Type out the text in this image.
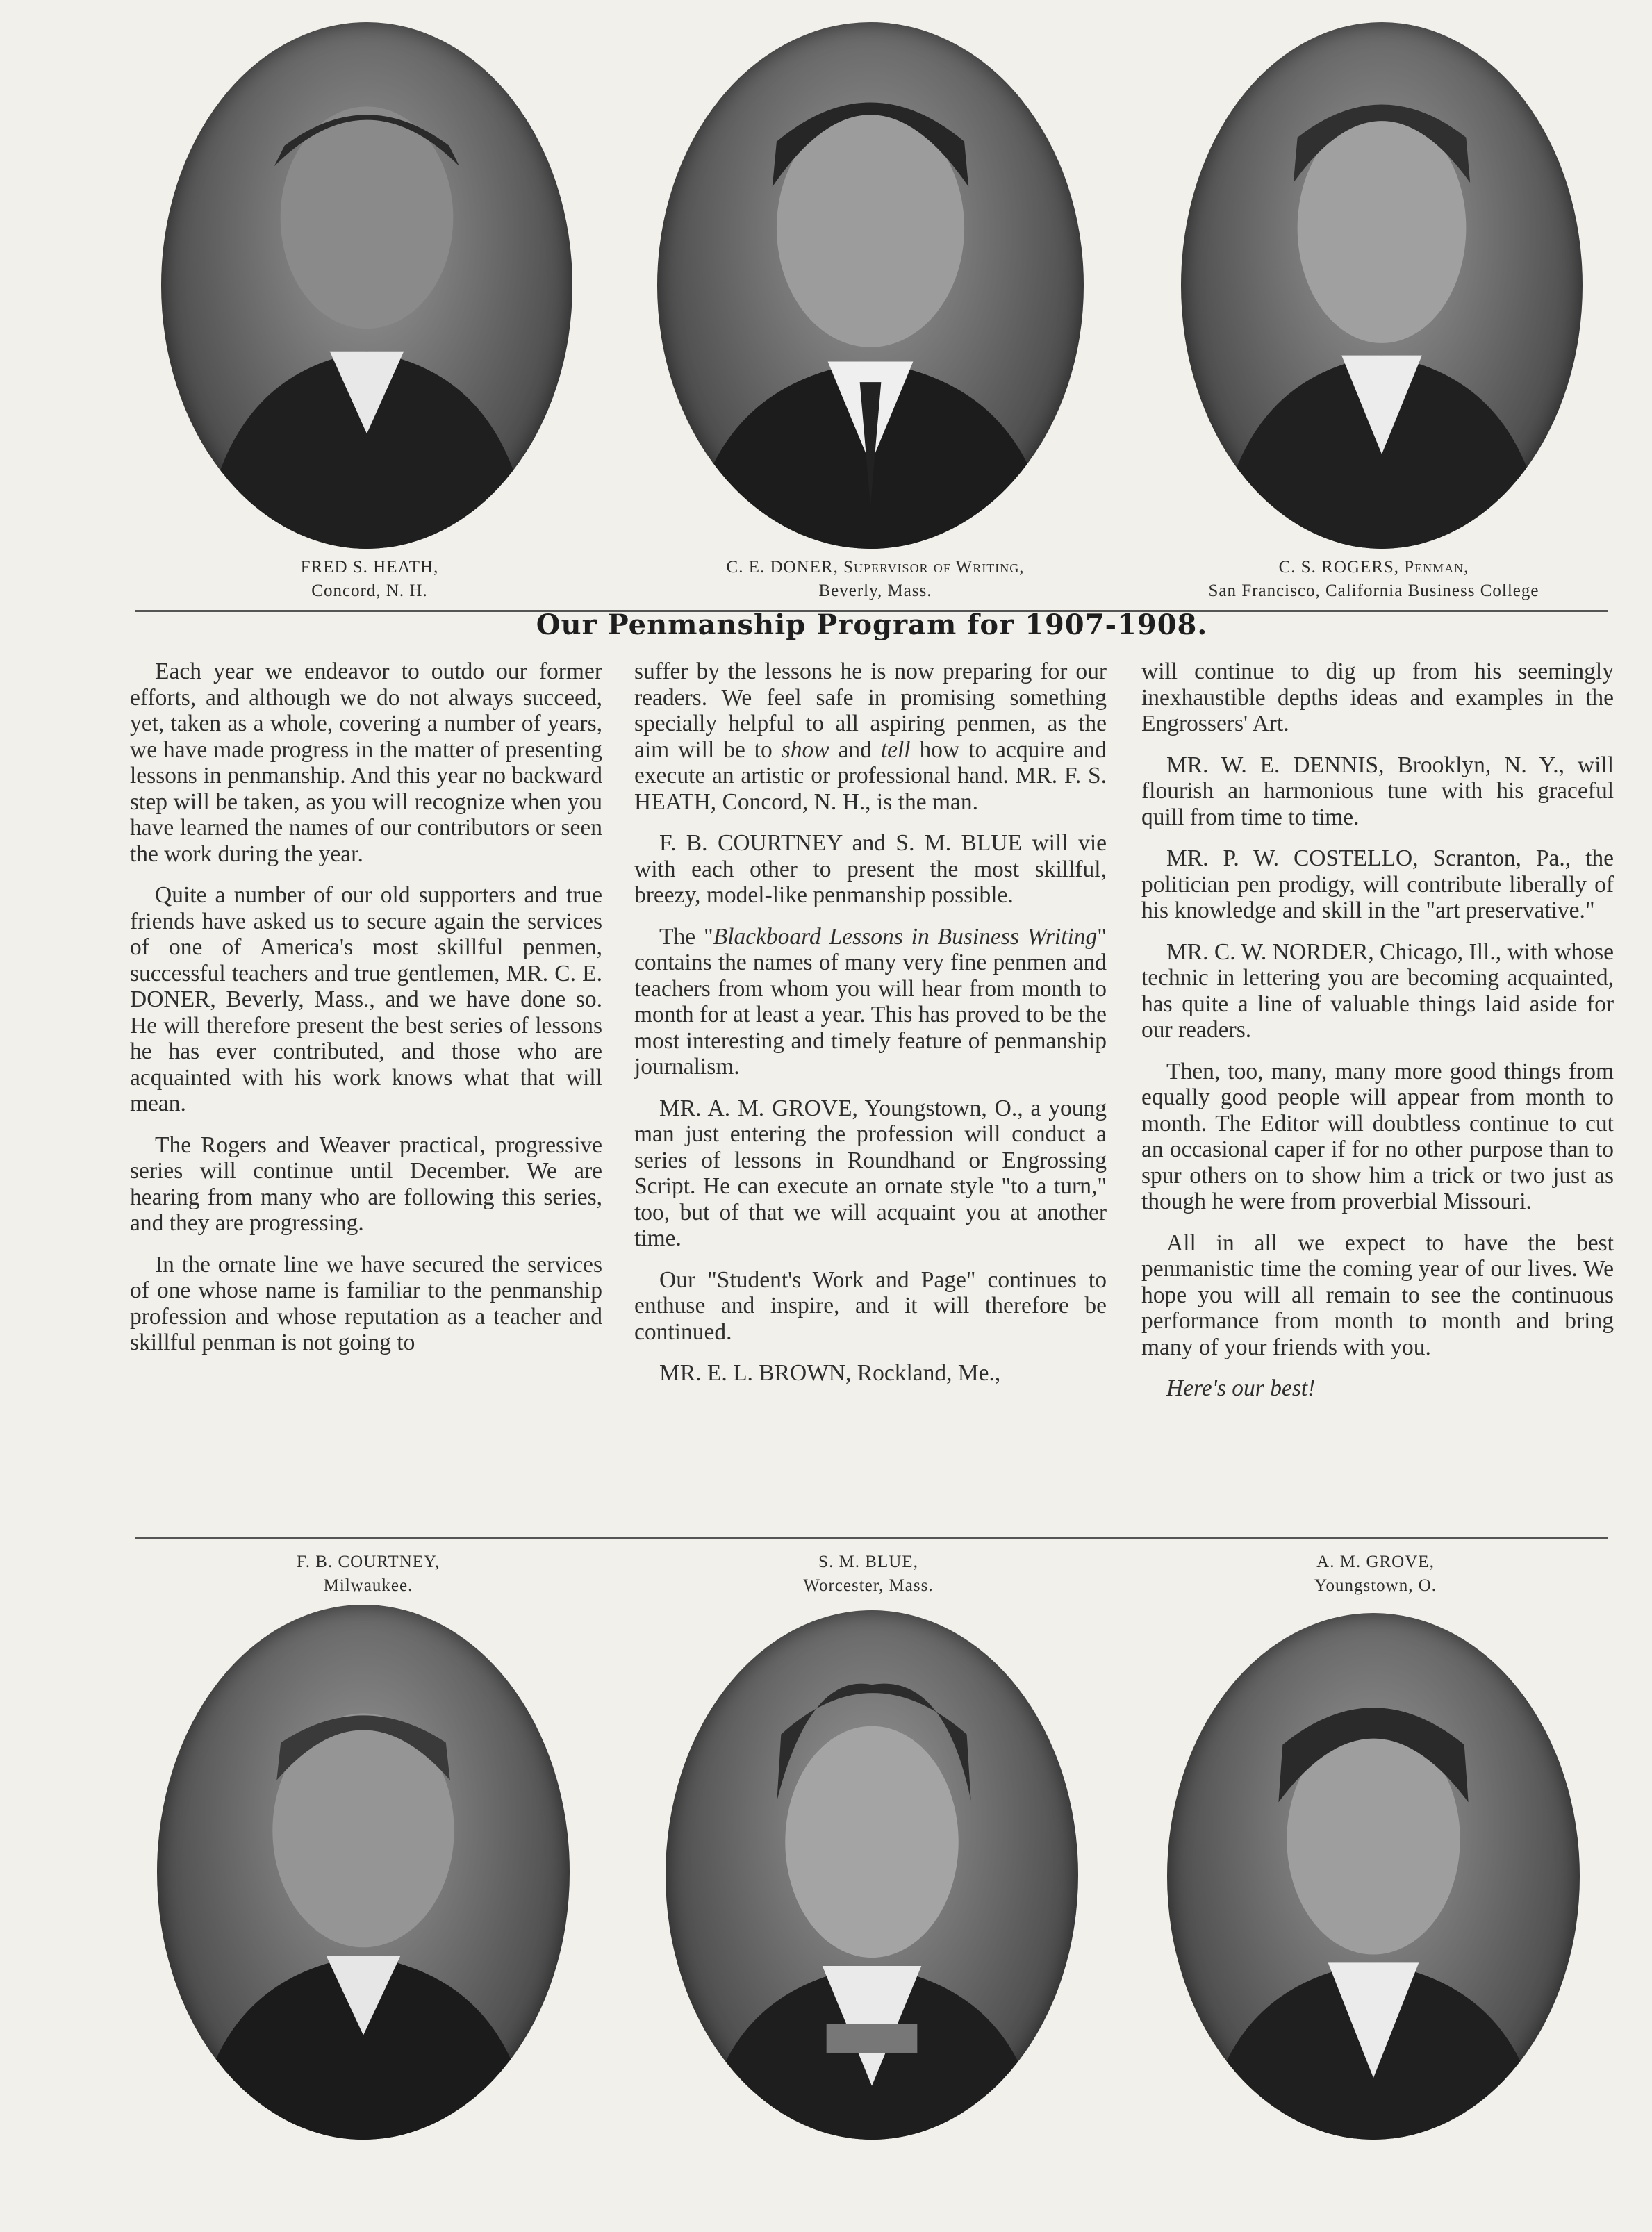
FRED S. HEATH,
Concord, N. H.
C. E. DONER, Supervisor of Writing,
Beverly, Mass.
C. S. ROGERS, Penman,
San Francisco, California Business College
Our Penmanship Program for 1907-1908.

Each year we endeavor to outdo our former efforts, and although we do not always succeed, yet, taken as a whole, covering a number of years, we have made progress in the matter of presenting lessons in penmanship. And this year no backward step will be taken, as you will recognize when you have learned the names of our contributors or seen the work during the year.

Quite a number of our old supporters and true friends have asked us to secure again the services of one of America's most skillful penmen, successful teachers and true gentlemen, MR. C. E. DONER, Beverly, Mass., and we have done so. He will therefore present the best series of lessons he has ever contributed, and those who are acquainted with his work knows what that will mean.

The Rogers and Weaver practical, progressive series will continue until December. We are hearing from many who are following this series, and they are progressing.

In the ornate line we have secured the services of one whose name is familiar to the penmanship profession and whose reputation as a teacher and skillful penman is not going to

suffer by the lessons he is now preparing for our readers. We feel safe in promising something specially helpful to all aspiring penmen, as the aim will be to show and tell how to acquire and execute an artistic or professional hand. MR. F. S. HEATH, Concord, N. H., is the man.

F. B. COURTNEY and S. M. BLUE will vie with each other to present the most skillful, breezy, model-like penmanship possible.

The "Blackboard Lessons in Business Writing" contains the names of many very fine penmen and teachers from whom you will hear from month to month for at least a year. This has proved to be the most interesting and timely feature of penmanship journalism.

MR. A. M. GROVE, Youngstown, O., a young man just entering the profession will conduct a series of lessons in Roundhand or Engrossing Script. He can execute an ornate style "to a turn," too, but of that we will acquaint you at another time.

Our "Student's Work and Page" continues to enthuse and inspire, and it will therefore be continued.

MR. E. L. BROWN, Rockland, Me.,

will continue to dig up from his seemingly inexhaustible depths ideas and examples in the Engrossers' Art.

MR. W. E. DENNIS, Brooklyn, N. Y., will flourish an harmonious tune with his graceful quill from time to time.

MR. P. W. COSTELLO, Scranton, Pa., the politician pen prodigy, will contribute liberally of his knowledge and skill in the "art preservative."

MR. C. W. NORDER, Chicago, Ill., with whose technic in lettering you are becoming acquainted, has quite a line of valuable things laid aside for our readers.

Then, too, many, many more good things from equally good people will appear from month to month. The Editor will doubtless continue to cut an occasional caper if for no other purpose than to spur others on to show him a trick or two just as though he were from proverbial Missouri.

All in all we expect to have the best penmanistic time the coming year of our lives. We hope you will all remain to see the continuous performance from month to month and bring many of your friends with you.

Here's our best!

F. B. COURTNEY,
Milwaukee.
S. M. BLUE,
Worcester, Mass.
A. M. GROVE,
Youngstown, O.
